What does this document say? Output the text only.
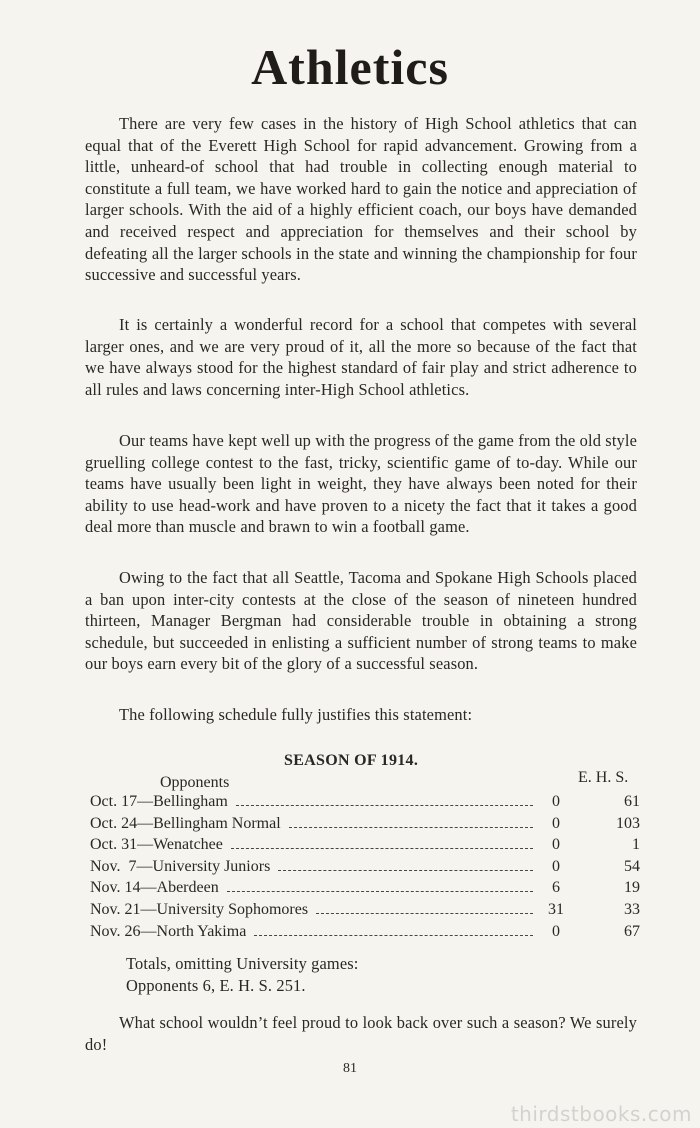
Athletics

There are very few cases in the history of High School athletics that can equal that of the Everett High School for rapid advancement. Growing from a little, unheard-of school that had trouble in collecting enough material to constitute a full team, we have worked hard to gain the notice and appreciation of larger schools. With the aid of a highly efficient coach, our boys have demanded and received respect and appreciation for themselves and their school by defeating all the larger schools in the state and winning the championship for four successive and successful years.

It is certainly a wonderful record for a school that competes with several larger ones, and we are very proud of it, all the more so because of the fact that we have always stood for the highest standard of fair play and strict adherence to all rules and laws concerning inter-High School athletics.

Our teams have kept well up with the progress of the game from the old style gruelling college contest to the fast, tricky, scientific game of to-day. While our teams have usually been light in weight, they have always been noted for their ability to use head-work and have proven to a nicety the fact that it takes a good deal more than muscle and brawn to win a football game.

Owing to the fact that all Seattle, Tacoma and Spokane High Schools placed a ban upon inter-city contests at the close of the season of nineteen hundred thirteen, Manager Bergman had considerable trouble in obtaining a strong schedule, but succeeded in enlisting a sufficient number of strong teams to make our boys earn every bit of the glory of a successful season.

The following schedule fully justifies this statement:

SEASON OF 1914.
Opponents	E. H. S.
Oct. 17—Bellingham	0	61
Oct. 24—Bellingham Normal	0	103
Oct. 31—Wenatchee	0	1
Nov.  7—University Juniors	0	54
Nov. 14—Aberdeen	6	19
Nov. 21—University Sophomores	31	33
Nov. 26—North Yakima	0	67
Totals, omitting University games:
Opponents 6, E. H. S. 251.

What school wouldn’t feel proud to look back over such a season? We surely do!

81
thirdstbooks.com
